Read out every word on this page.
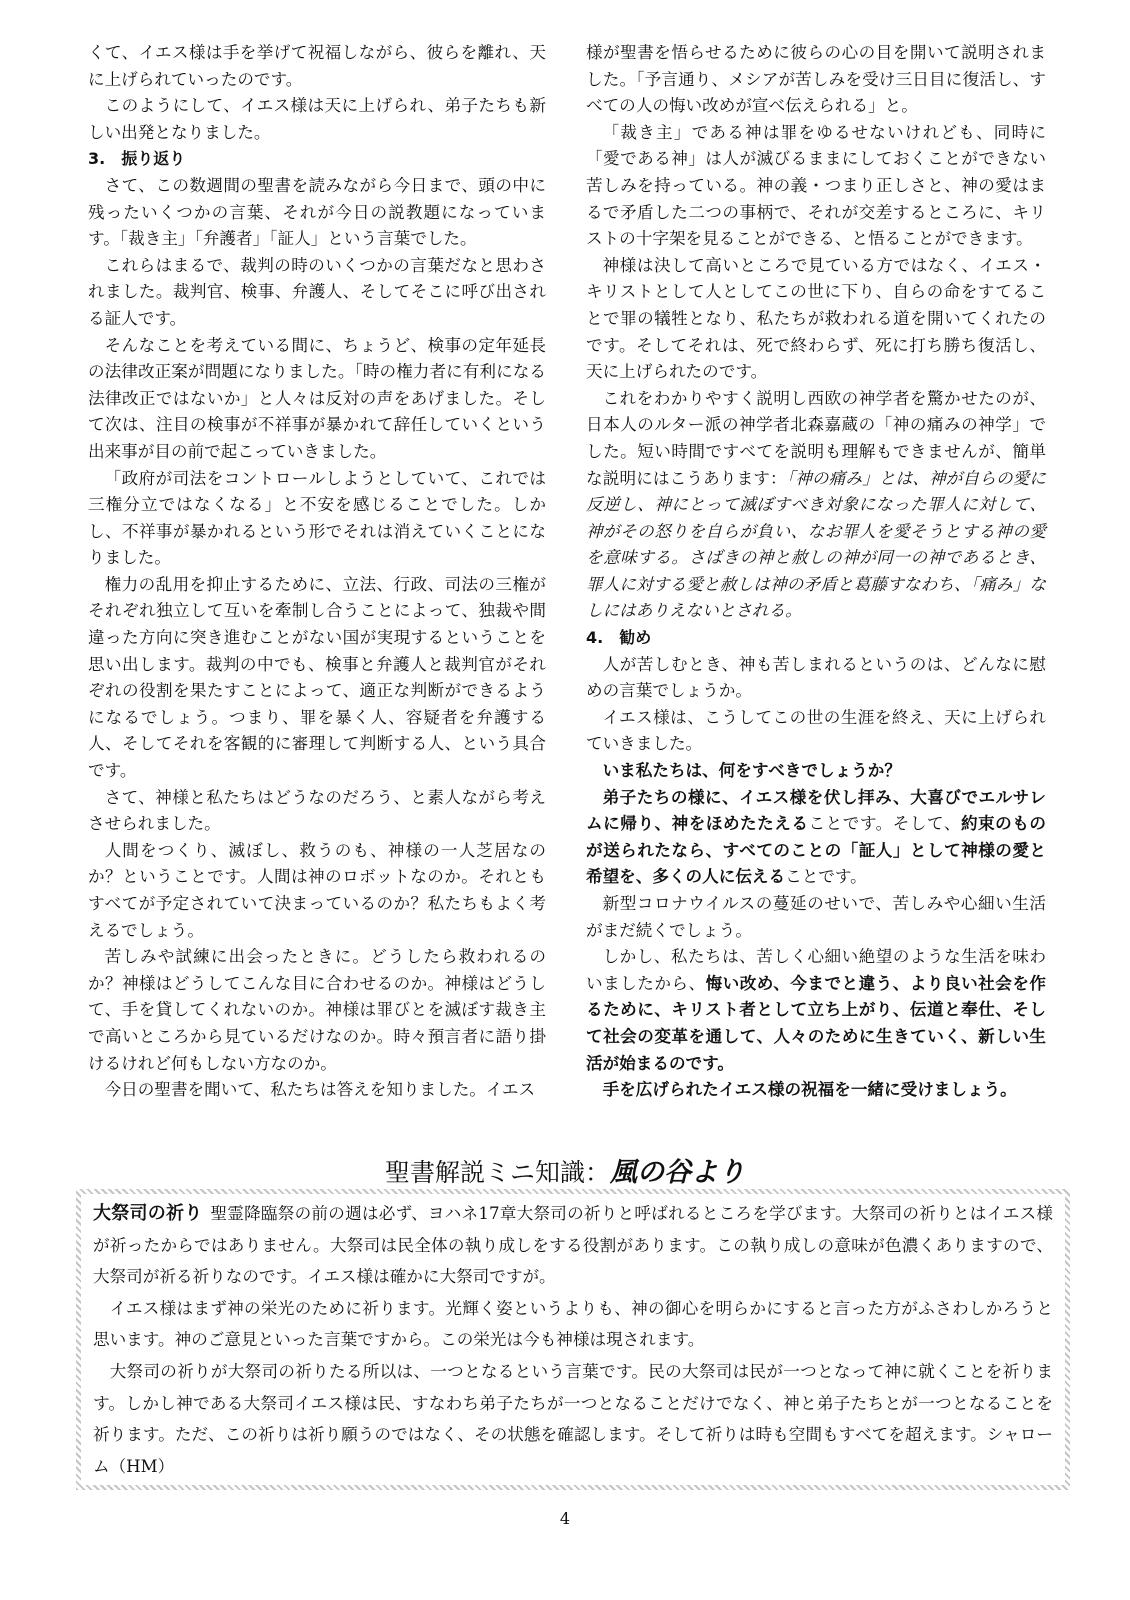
くて、イエス様は手を挙げて祝福しながら、彼らを離れ、天に上げられていったのです。

このようにして、イエス様は天に上げられ、弟子たちも新しい出発となりました。

3.　振り返り

さて、この数週間の聖書を読みながら今日まで、頭の中に残ったいくつかの言葉、それが今日の説教題になっています。「裁き主」「弁護者」「証人」という言葉でした。

これらはまるで、裁判の時のいくつかの言葉だなと思わされました。裁判官、検事、弁護人、そしてそこに呼び出される証人です。

そんなことを考えている間に、ちょうど、検事の定年延長の法律改正案が問題になりました。「時の権力者に有利になる法律改正ではないか」と人々は反対の声をあげました。そして次は、注目の検事が不祥事が暴かれて辞任していくという出来事が目の前で起こっていきました。

「政府が司法をコントロールしようとしていて、これでは三権分立ではなくなる」と不安を感じることでした。しかし、不祥事が暴かれるという形でそれは消えていくことになりました。

権力の乱用を抑止するために、立法、行政、司法の三権がそれぞれ独立して互いを牽制し合うことによって、独裁や間違った方向に突き進むことがない国が実現するということを思い出します。裁判の中でも、検事と弁護人と裁判官がそれぞれの役割を果たすことによって、適正な判断ができるようになるでしょう。つまり、罪を暴く人、容疑者を弁護する人、そしてそれを客観的に審理して判断する人、という具合です。

さて、神様と私たちはどうなのだろう、と素人ながら考えさせられました。

人間をつくり、滅ぼし、救うのも、神様の一人芝居なのか？ということです。人間は神のロボットなのか。それともすべてが予定されていて決まっているのか？私たちもよく考えるでしょう。

苦しみや試練に出会ったときに。どうしたら救われるのか？神様はどうしてこんな目に合わせるのか。神様はどうして、手を貸してくれないのか。神様は罪びとを滅ぼす裁き主で高いところから見ているだけなのか。時々預言者に語り掛けるけれど何もしない方なのか。

今日の聖書を聞いて、私たちは答えを知りました。イエス

様が聖書を悟らせるために彼らの心の目を開いて説明されました。「予言通り、メシアが苦しみを受け三日目に復活し、すべての人の悔い改めが宣べ伝えられる」と。

「裁き主」である神は罪をゆるせないけれども、同時に「愛である神」は人が滅びるままにしておくことができない苦しみを持っている。神の義・つまり正しさと、神の愛はまるで矛盾した二つの事柄で、それが交差するところに、キリストの十字架を見ることができる、と悟ることができます。

神様は決して高いところで見ている方ではなく、イエス・キリストとして人としてこの世に下り、自らの命をすてることで罪の犠牲となり、私たちが救われる道を開いてくれたのです。そしてそれは、死で終わらず、死に打ち勝ち復活し、天に上げられたのです。

これをわかりやすく説明し西欧の神学者を驚かせたのが、日本人のルター派の神学者北森嘉蔵の「神の痛みの神学」でした。短い時間ですべてを説明も理解もできませんが、簡単な説明にはこうあります：「神の痛み」とは、神が自らの愛に反逆し、神にとって滅ぼすべき対象になった罪人に対して、神がその怒りを自らが負い、なお罪人を愛そうとする神の愛を意味する。さばきの神と赦しの神が同一の神であるとき、罪人に対する愛と赦しは神の矛盾と葛藤すなわち、「痛み」なしにはありえないとされる。

4.　勧め

人が苦しむとき、神も苦しまれるというのは、どんなに慰めの言葉でしょうか。

イエス様は、こうしてこの世の生涯を終え、天に上げられていきました。

いま私たちは、何をすべきでしょうか？

弟子たちの様に、イエス様を伏し拝み、大喜びでエルサレムに帰り、神をほめたたえることです。そして、約束のものが送られたなら、すべてのことの「証人」として神様の愛と希望を、多くの人に伝えることです。

新型コロナウイルスの蔓延のせいで、苦しみや心細い生活がまだ続くでしょう。

しかし、私たちは、苦しく心細い絶望のような生活を味わいましたから、悔い改め、今までと違う、より良い社会を作るために、キリスト者として立ち上がり、伝道と奉仕、そして社会の変革を通して、人々のために生きていく、新しい生活が始まるのです。

手を広げられたイエス様の祝福を一緒に受けましょう。

聖書解説ミニ知識：風の谷より

大祭司の祈り 聖霊降臨祭の前の週は必ず、ヨハネ17章大祭司の祈りと呼ばれるところを学びます。大祭司の祈りとはイエス様が祈ったからではありません。大祭司は民全体の執り成しをする役割があります。この執り成しの意味が色濃くありますので、大祭司が祈る祈りなのです。イエス様は確かに大祭司ですが。

イエス様はまず神の栄光のために祈ります。光輝く姿というよりも、神の御心を明らかにすると言った方がふさわしかろうと思います。神のご意見といった言葉ですから。この栄光は今も神様は現されます。

大祭司の祈りが大祭司の祈りたる所以は、一つとなるという言葉です。民の大祭司は民が一つとなって神に就くことを祈ります。しかし神である大祭司イエス様は民、すなわち弟子たちが一つとなることだけでなく、神と弟子たちとが一つとなることを祈ります。ただ、この祈りは祈り願うのではなく、その状態を確認します。そして祈りは時も空間もすべてを超えます。シャローム（HM）

4
